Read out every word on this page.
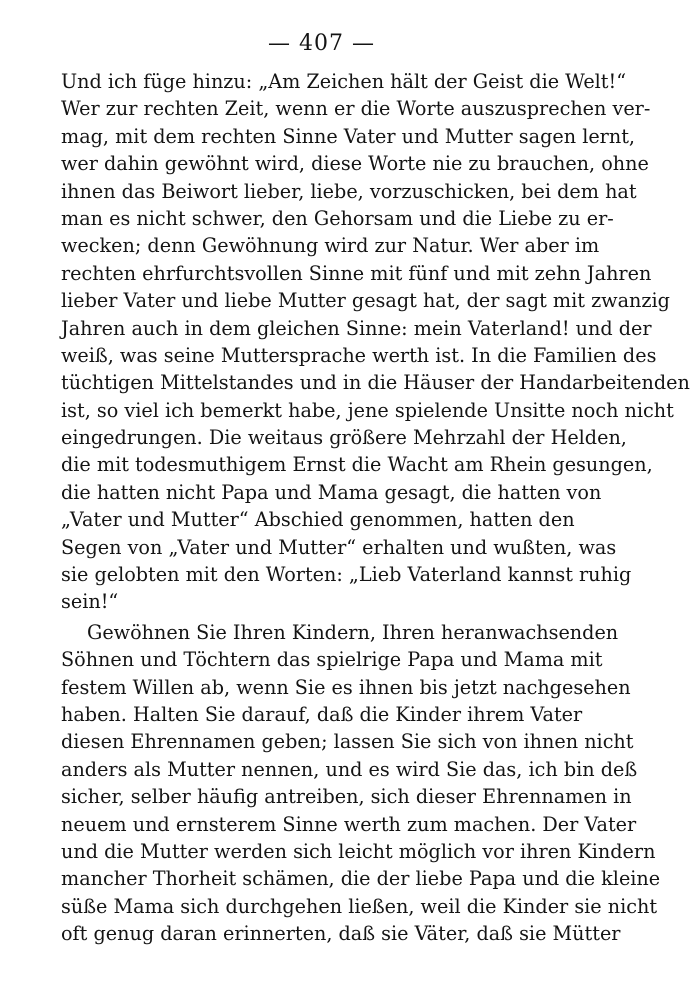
— 407 —

Und ich füge hinzu: „Am Zeichen hält der Geist die Welt!“
Wer zur rechten Zeit, wenn er die Worte auszusprechen ver-
mag, mit dem rechten Sinne Vater und Mutter sagen lernt,
wer dahin gewöhnt wird, diese Worte nie zu brauchen, ohne
ihnen das Beiwort lieber, liebe, vorzuschicken, bei dem hat
man es nicht schwer, den Gehorsam und die Liebe zu er-
wecken; denn Gewöhnung wird zur Natur. Wer aber im
rechten ehrfurchtsvollen Sinne mit fünf und mit zehn Jahren
lieber Vater und liebe Mutter gesagt hat, der sagt mit zwanzig
Jahren auch in dem gleichen Sinne: mein Vaterland! und der
weiß, was seine Muttersprache werth ist. In die Familien des
tüchtigen Mittelstandes und in die Häuser der Handarbeitenden
ist, so viel ich bemerkt habe, jene spielende Unsitte noch nicht
eingedrungen. Die weitaus größere Mehrzahl der Helden,
die mit todesmuthigem Ernst die Wacht am Rhein gesungen,
die hatten nicht Papa und Mama gesagt, die hatten von
„Vater und Mutter“ Abschied genommen, hatten den
Segen von „Vater und Mutter“ erhalten und wußten, was
sie gelobten mit den Worten: „Lieb Vaterland kannst ruhig
sein!“

Gewöhnen Sie Ihren Kindern, Ihren heranwachsenden
Söhnen und Töchtern das spielrige Papa und Mama mit
festem Willen ab, wenn Sie es ihnen bis jetzt nachgesehen
haben. Halten Sie darauf, daß die Kinder ihrem Vater
diesen Ehrennamen geben; lassen Sie sich von ihnen nicht
anders als Mutter nennen, und es wird Sie das, ich bin deß
sicher, selber häufig antreiben, sich dieser Ehrennamen in
neuem und ernsterem Sinne werth zum machen. Der Vater
und die Mutter werden sich leicht möglich vor ihren Kindern
mancher Thorheit schämen, die der liebe Papa und die kleine
süße Mama sich durchgehen ließen, weil die Kinder sie nicht
oft genug daran erinnerten, daß sie Väter, daß sie Mütter
